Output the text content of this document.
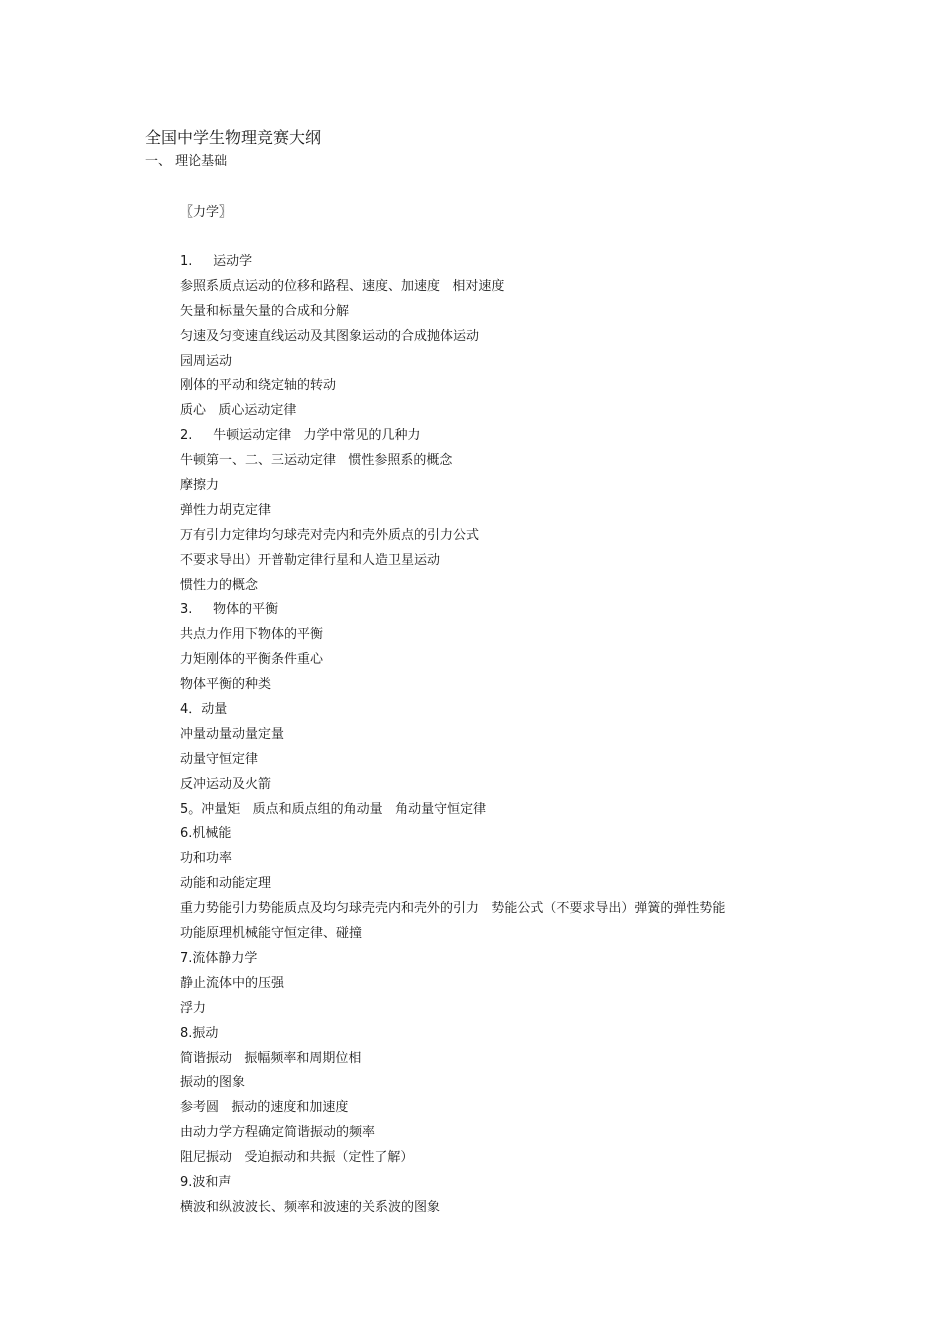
全国中学生物理竞赛大纲
一、 理论基础
〖力学〗
1.     运动学
参照系质点运动的位移和路程、速度、加速度   相对速度
矢量和标量矢量的合成和分解
匀速及匀变速直线运动及其图象运动的合成抛体运动
园周运动
刚体的平动和绕定轴的转动
质心   质心运动定律
2.     牛顿运动定律   力学中常见的几种力
牛顿第一、二、三运动定律   惯性参照系的概念
摩擦力
弹性力胡克定律
万有引力定律均匀球壳对壳内和壳外质点的引力公式
不要求导出）开普勒定律行星和人造卫星运动
惯性力的概念
3.     物体的平衡
共点力作用下物体的平衡
力矩刚体的平衡条件重心
物体平衡的种类
4．动量
冲量动量动量定量
动量守恒定律
反冲运动及火箭
5。冲量矩   质点和质点组的角动量   角动量守恒定律
6.机械能
功和功率
动能和动能定理
重力势能引力势能质点及均匀球壳壳内和壳外的引力   势能公式（不要求导出）弹簧的弹性势能
功能原理机械能守恒定律、碰撞
7.流体静力学
静止流体中的压强
浮力
8.振动
简谐振动   振幅频率和周期位相
振动的图象
参考圆   振动的速度和加速度
由动力学方程确定简谐振动的频率
阻尼振动   受迫振动和共振（定性了解）
9.波和声
横波和纵波波长、频率和波速的关系波的图象
